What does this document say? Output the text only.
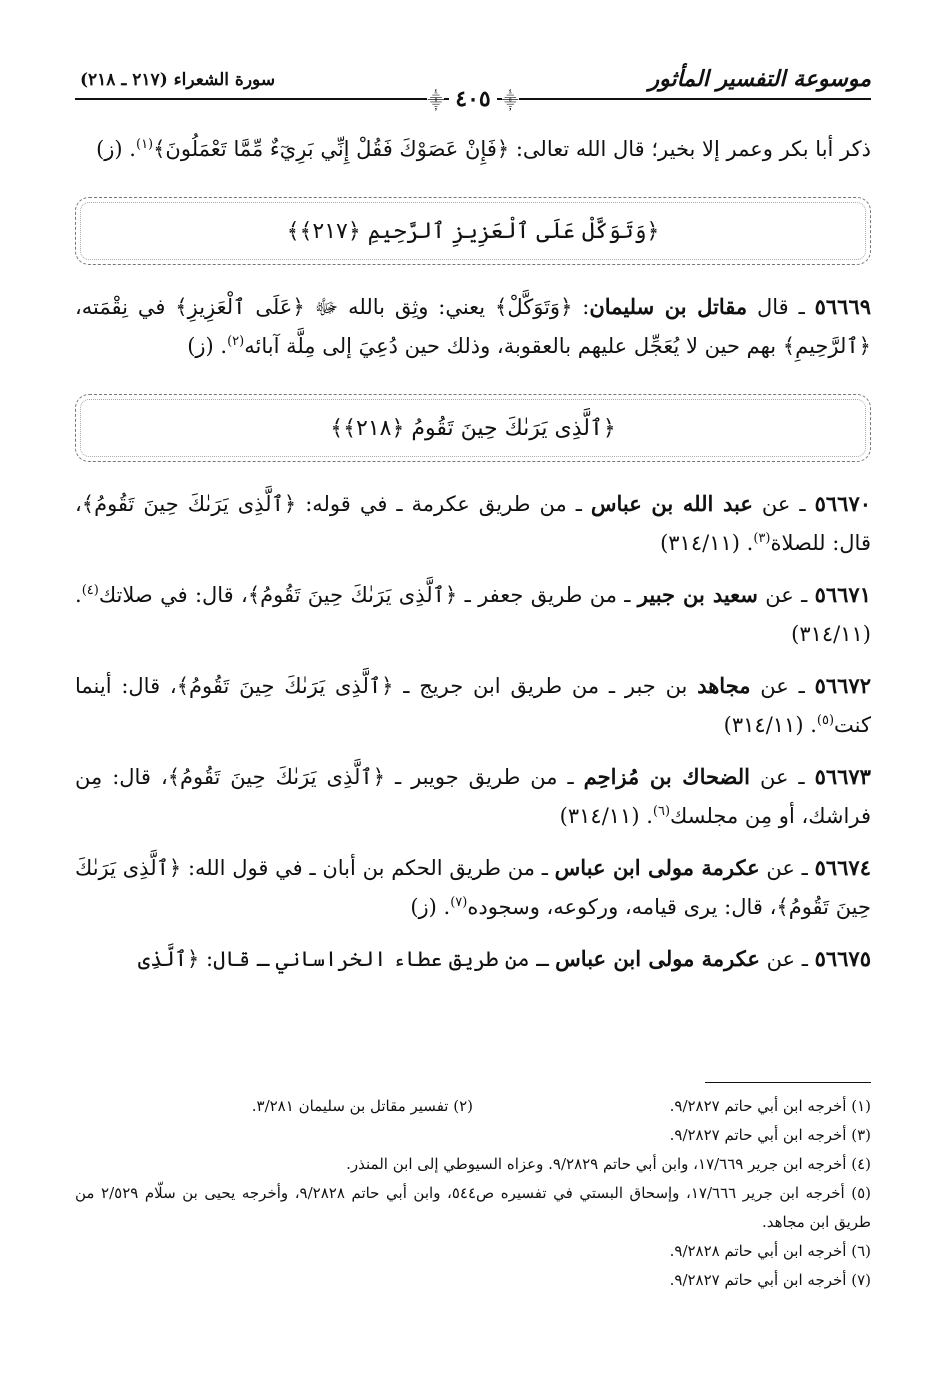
موسوعة التفسير المأثور
سورة الشعراء (٢١٧ ـ ٢١٨)
⸎ ٤٠٥ ⸎

ذكر أبا بكر وعمر إلا بخير؛ قال الله تعالى: ﴿فَإِنْ عَصَوْكَ فَقُلْ إِنِّي بَرِيٓءٌ مِّمَّا تَعْمَلُونَ﴾$^{(١)}$. (ز)

﴿وَتَوَكَّلْ عَلَى ٱلْعَزِيزِ ٱلرَّحِيمِ ﴿٢١٧﴾﴾

٥٦٦٦٩ ـ قال مقاتل بن سليمان: ﴿وَتَوَكَّلْ﴾ يعني: وثِق بالله ﷻ ﴿عَلَى ٱلْعَزِيزِ﴾ في نِقْمَته، ﴿ٱلرَّحِيمِ﴾ بهم حين لا يُعَجِّل عليهم بالعقوبة، وذلك حين دُعِيَ إلى مِلَّة آبائه$^{(٢)}$. (ز)

﴿ٱلَّذِى يَرَىٰكَ حِينَ تَقُومُ ﴿٢١٨﴾﴾

٥٦٦٧٠ ـ عن عبد الله بن عباس ـ من طريق عكرمة ـ في قوله: ﴿ٱلَّذِى يَرَىٰكَ حِينَ تَقُومُ﴾، قال: للصلاة$^{(٣)}$. (٣١٤/١١)

٥٦٦٧١ ـ عن سعيد بن جبير ـ من طريق جعفر ـ ﴿ٱلَّذِى يَرَىٰكَ حِينَ تَقُومُ﴾، قال: في صلاتك$^{(٤)}$. (٣١٤/١١)

٥٦٦٧٢ ـ عن مجاهد بن جبر ـ من طريق ابن جريج ـ ﴿ٱلَّذِى يَرَىٰكَ حِينَ تَقُومُ﴾، قال: أينما كنت$^{(٥)}$. (٣١٤/١١)

٥٦٦٧٣ ـ عن الضحاك بن مُزاحِم ـ من طريق جويبر ـ ﴿ٱلَّذِى يَرَىٰكَ حِينَ تَقُومُ﴾، قال: مِن فراشك، أو مِن مجلسك$^{(٦)}$. (٣١٤/١١)

٥٦٦٧٤ ـ عن عكرمة مولى ابن عباس ـ من طريق الحكم بن أبان ـ في قول الله: ﴿ٱلَّذِى يَرَىٰكَ حِينَ تَقُومُ﴾، قال: يرى قيامه، وركوعه، وسجوده$^{(٧)}$. (ز)

٥٦٦٧٥ ـ عن عكرمة مولى ابن عباس ـ من طريق عطاء الخراساني ـ قال: ﴿ٱلَّذِى

(١) أخرجه ابن أبي حاتم ٩/٢٨٢٧.
(٢) تفسير مقاتل بن سليمان ٣/٢٨١.
(٣) أخرجه ابن أبي حاتم ٩/٢٨٢٧.
(٤) أخرجه ابن جرير ١٧/٦٦٩، وابن أبي حاتم ٩/٢٨٢٩. وعزاه السيوطي إلى ابن المنذر.
(٥) أخرجه ابن جرير ١٧/٦٦٦، وإسحاق البستي في تفسيره ص٥٤٤، وابن أبي حاتم ٩/٢٨٢٨، وأخرجه يحيى بن سلّام ٢/٥٢٩ من طريق ابن مجاهد.
(٦) أخرجه ابن أبي حاتم ٩/٢٨٢٨.
(٧) أخرجه ابن أبي حاتم ٩/٢٨٢٧.
